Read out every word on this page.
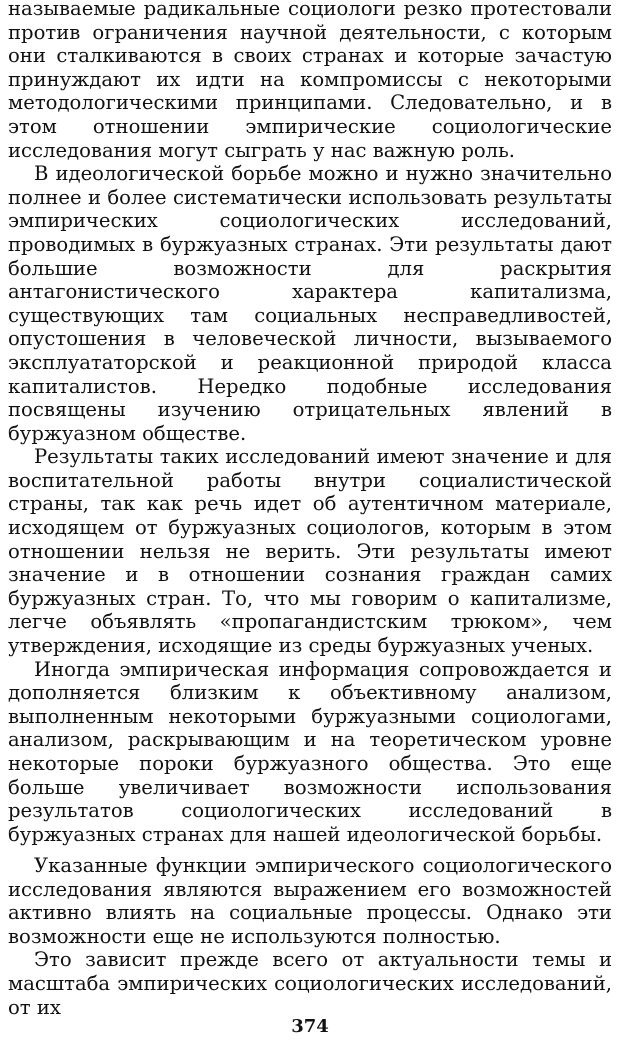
называемые радикальные социологи резко протестовали против ограничения научной деятельности, с которым они сталкиваются в своих странах и которые зачастую принуждают их идти на компромиссы с некоторыми методологическими принципами. Следовательно, и в этом отношении эмпирические социологические исследования могут сыграть у нас важную роль.

В идеологической борьбе можно и нужно значительно полнее и более систематически использовать результаты эмпирических социологических исследований, проводимых в буржуазных странах. Эти результаты дают большие возможности для раскрытия антагонистического характера капитализма, существующих там социальных несправедливостей, опустошения в человеческой личности, вызываемого эксплуататорской и реакционной природой класса капиталистов. Нередко подобные исследования посвящены изучению отрицательных явлений в буржуазном обществе.

Результаты таких исследований имеют значение и для воспитательной работы внутри социалистической страны, так как речь идет об аутентичном материале, исходящем от буржуазных социологов, которым в этом отношении нельзя не верить. Эти результаты имеют значение и в отношении сознания граждан самих буржуазных стран. То, что мы говорим о капитализме, легче объявлять «пропагандистским трюком», чем утверждения, исходящие из среды буржуазных ученых.

Иногда эмпирическая информация сопровождается и дополняется близким к объективному анализом, выполненным некоторыми буржуазными социологами, анализом, раскрывающим и на теоретическом уровне некоторые пороки буржуазного общества. Это еще больше увеличивает возможности использования результатов социологических исследований в буржуазных странах для нашей идеологической борьбы.

Указанные функции эмпирического социологического исследования являются выражением его возможностей активно влиять на социальные процессы. Однако эти возможности еще не используются полностью.

Это зависит прежде всего от актуальности темы и масштаба эмпирических социологических исследований, от их

374
